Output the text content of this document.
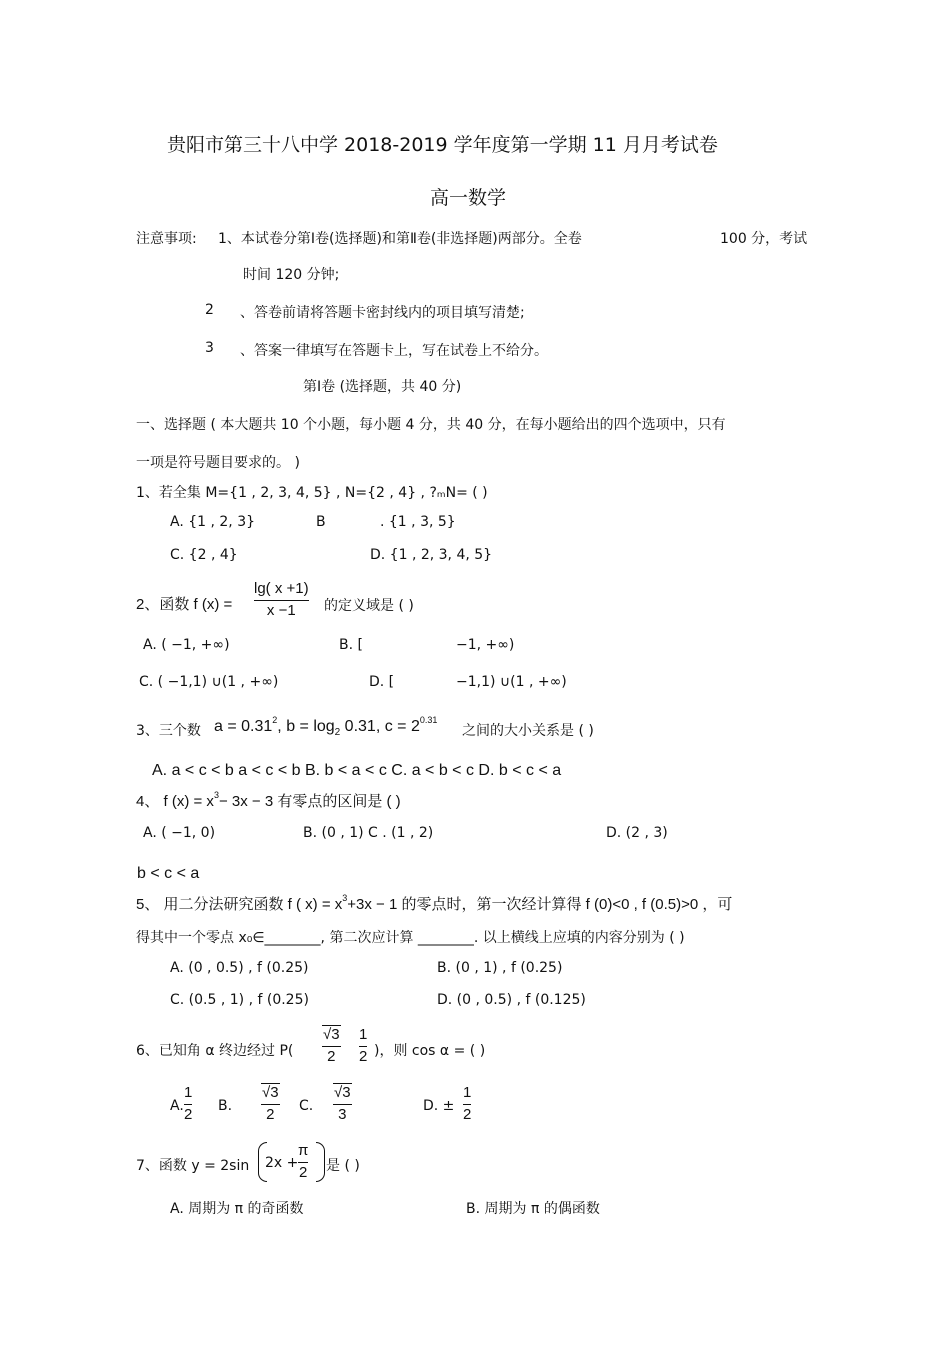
贵阳市第三十八中学 2018-2019 学年度第一学期 11 月月考试卷
高一数学
注意事项: 1、本试卷分第Ⅰ卷(选择题)和第Ⅱ卷(非选择题)两部分。全卷	100 分，考试
时间 120 分钟;
2 、答卷前请将答题卡密封线内的项目填写清楚;
3 、答案一律填写在答题卡上，写在试卷上不给分。
第Ⅰ卷 (选择题，共 40 分)
一、选择题 ( 本大题共 10 个小题，每小题 4 分，共 40 分，在每小题给出的四个选项中，只有
一项是符号题目要求的。 )
1、若全集 M={1 , 2, 3, 4, 5} , N={2 , 4} , ?ₘN= ( )
A. {1 , 2, 3}	B	. {1 , 3, 5}
C. {2 , 4}	D. {1 , 2, 3, 4, 5}
2、函数 f (x) =
lg( x +1)
x −1	的定义域是 ( )
A. ( −1, +∞)	B. [	−1, +∞)
C. ( −1,1) ∪(1 , +∞)	D. [	−1,1) ∪(1 , +∞)
3、三个数 $a = 0.31^2$, $b = \log_2 0.31$, $c = 2^{0.31}$
之间的大小关系是 ( )
A. a < c < b a < c < b B. b < a < c C. a < b < c D. b < c < a
4、 f $(x) = x^3- 3x - 3$ 有零点的区间是 ( )
A. ( −1, 0)	B. (0 , 1) C . (1 , 2)	D. (2 , 3)
b < c < a
5、 用二分法研究函数 f ( $x) = x^3+3x - 1$ 的零点时，第一次经计算得 f (0)<0 , f (0.5)>0 ，可
得其中一个零点 x₀∈________, 第二次应计算 ________. 以上横线上应填的内容分别为 ( )
A. (0 , 0.5) , f (0.25)	B. (0 , 1) , f (0.25)
C. (0.5 , 1) , f (0.25)	D. (0 , 0.5) , f (0.125)
6、已知角 α 终边经过 P(
√3
2
1
2 )，则 cos α = ( )
A.
1
2 B.
√3
2	C.
√3
3	D. ±
1
2
7、函数 y = 2sin 2x +
π
2 是 ( )
A. 周期为 π 的奇函数	B. 周期为 π 的偶函数
